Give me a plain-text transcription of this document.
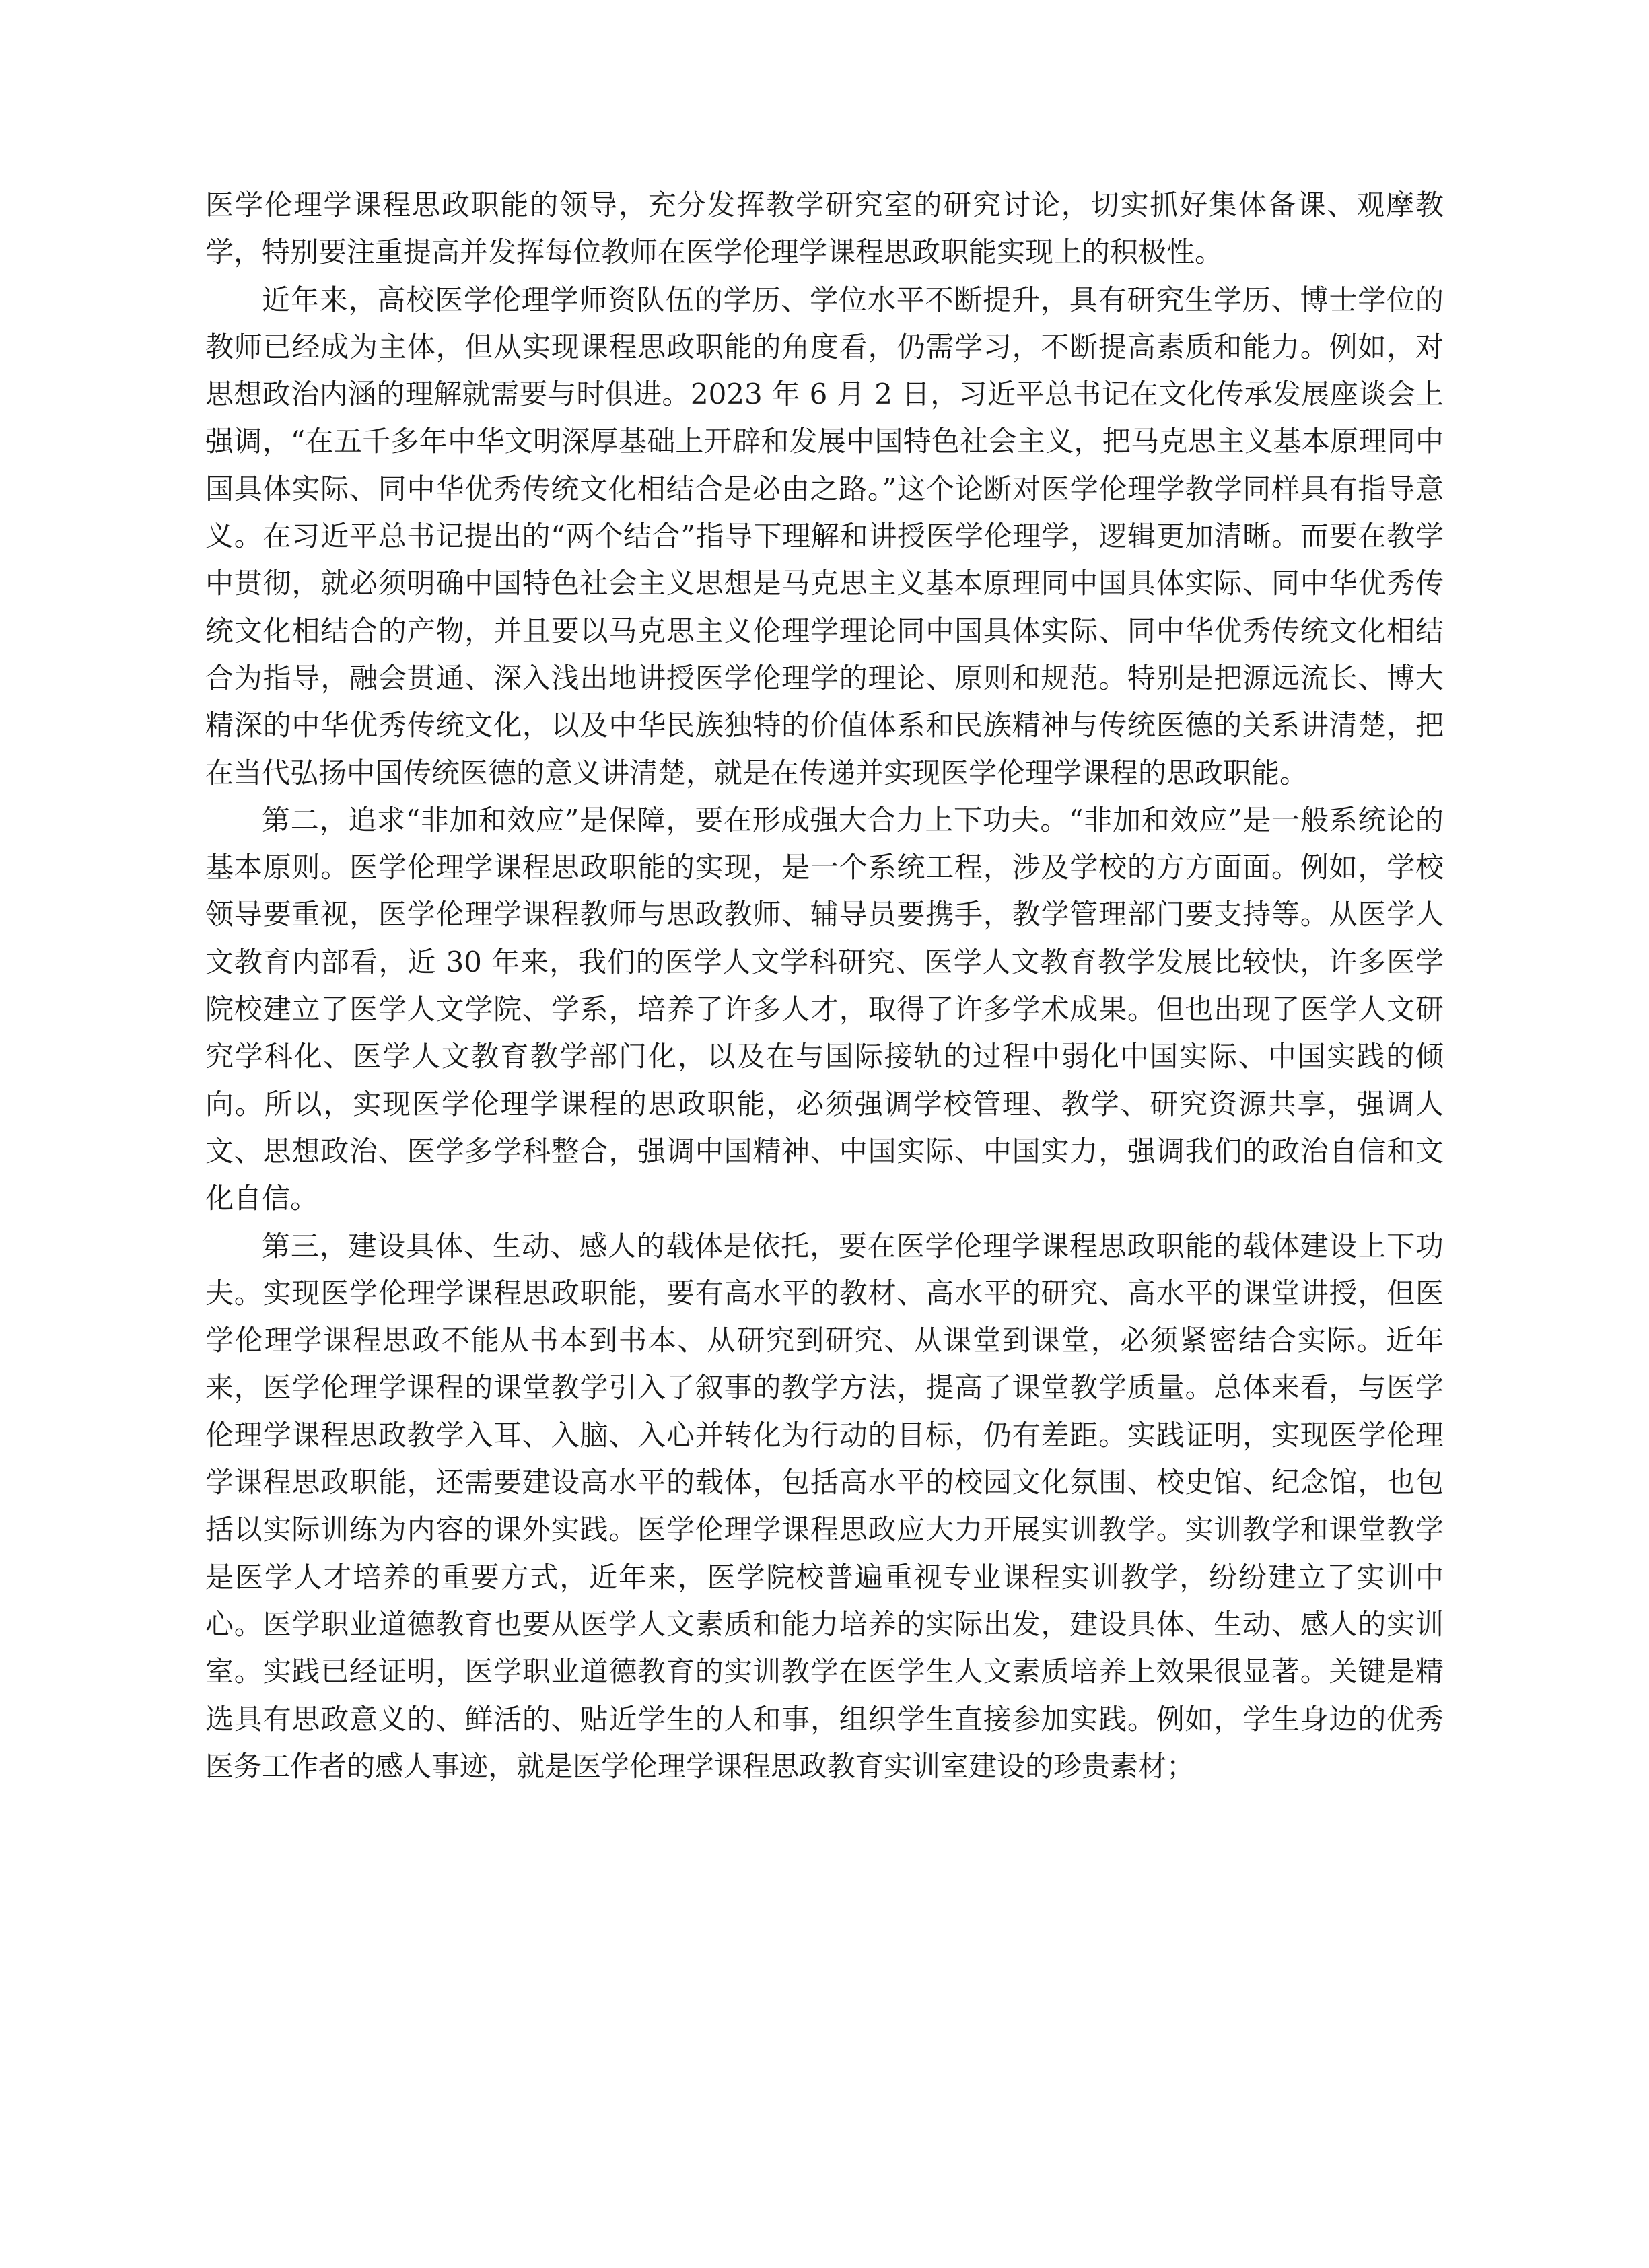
医学伦理学课程思政职能的领导，充分发挥教学研究室的研究讨论，切实抓好集体备课、观摩教学，特别要注重提高并发挥每位教师在医学伦理学课程思政职能实现上的积极性。

近年来，高校医学伦理学师资队伍的学历、学位水平不断提升，具有研究生学历、博士学位的教师已经成为主体，但从实现课程思政职能的角度看，仍需学习，不断提高素质和能力。例如，对思想政治内涵的理解就需要与时俱进。2023 年 6 月 2 日，习近平总书记在文化传承发展座谈会上强调，“在五千多年中华文明深厚基础上开辟和发展中国特色社会主义，把马克思主义基本原理同中国具体实际、同中华优秀传统文化相结合是必由之路。”这个论断对医学伦理学教学同样具有指导意义。在习近平总书记提出的“两个结合”指导下理解和讲授医学伦理学，逻辑更加清晰。而要在教学中贯彻，就必须明确中国特色社会主义思想是马克思主义基本原理同中国具体实际、同中华优秀传统文化相结合的产物，并且要以马克思主义伦理学理论同中国具体实际、同中华优秀传统文化相结合为指导，融会贯通、深入浅出地讲授医学伦理学的理论、原则和规范。特别是把源远流长、博大精深的中华优秀传统文化，以及中华民族独特的价值体系和民族精神与传统医德的关系讲清楚，把在当代弘扬中国传统医德的意义讲清楚，就是在传递并实现医学伦理学课程的思政职能。

第二，追求“非加和效应”是保障，要在形成强大合力上下功夫。“非加和效应”是一般系统论的基本原则。医学伦理学课程思政职能的实现，是一个系统工程，涉及学校的方方面面。例如，学校领导要重视，医学伦理学课程教师与思政教师、辅导员要携手，教学管理部门要支持等。从医学人文教育内部看，近 30 年来，我们的医学人文学科研究、医学人文教育教学发展比较快，许多医学院校建立了医学人文学院、学系，培养了许多人才，取得了许多学术成果。但也出现了医学人文研究学科化、医学人文教育教学部门化，以及在与国际接轨的过程中弱化中国实际、中国实践的倾向。所以，实现医学伦理学课程的思政职能，必须强调学校管理、教学、研究资源共享，强调人文、思想政治、医学多学科整合，强调中国精神、中国实际、中国实力，强调我们的政治自信和文化自信。

第三，建设具体、生动、感人的载体是依托，要在医学伦理学课程思政职能的载体建设上下功夫。实现医学伦理学课程思政职能，要有高水平的教材、高水平的研究、高水平的课堂讲授，但医学伦理学课程思政不能从书本到书本、从研究到研究、从课堂到课堂，必须紧密结合实际。近年来，医学伦理学课程的课堂教学引入了叙事的教学方法，提高了课堂教学质量。总体来看，与医学伦理学课程思政教学入耳、入脑、入心并转化为行动的目标，仍有差距。实践证明，实现医学伦理学课程思政职能，还需要建设高水平的载体，包括高水平的校园文化氛围、校史馆、纪念馆，也包括以实际训练为内容的课外实践。医学伦理学课程思政应大力开展实训教学。实训教学和课堂教学是医学人才培养的重要方式，近年来，医学院校普遍重视专业课程实训教学，纷纷建立了实训中心。医学职业道德教育也要从医学人文素质和能力培养的实际出发，建设具体、生动、感人的实训室。实践已经证明，医学职业道德教育的实训教学在医学生人文素质培养上效果很显著。关键是精选具有思政意义的、鲜活的、贴近学生的人和事，组织学生直接参加实践。例如，学生身边的优秀医务工作者的感人事迹，就是医学伦理学课程思政教育实训室建设的珍贵素材；
